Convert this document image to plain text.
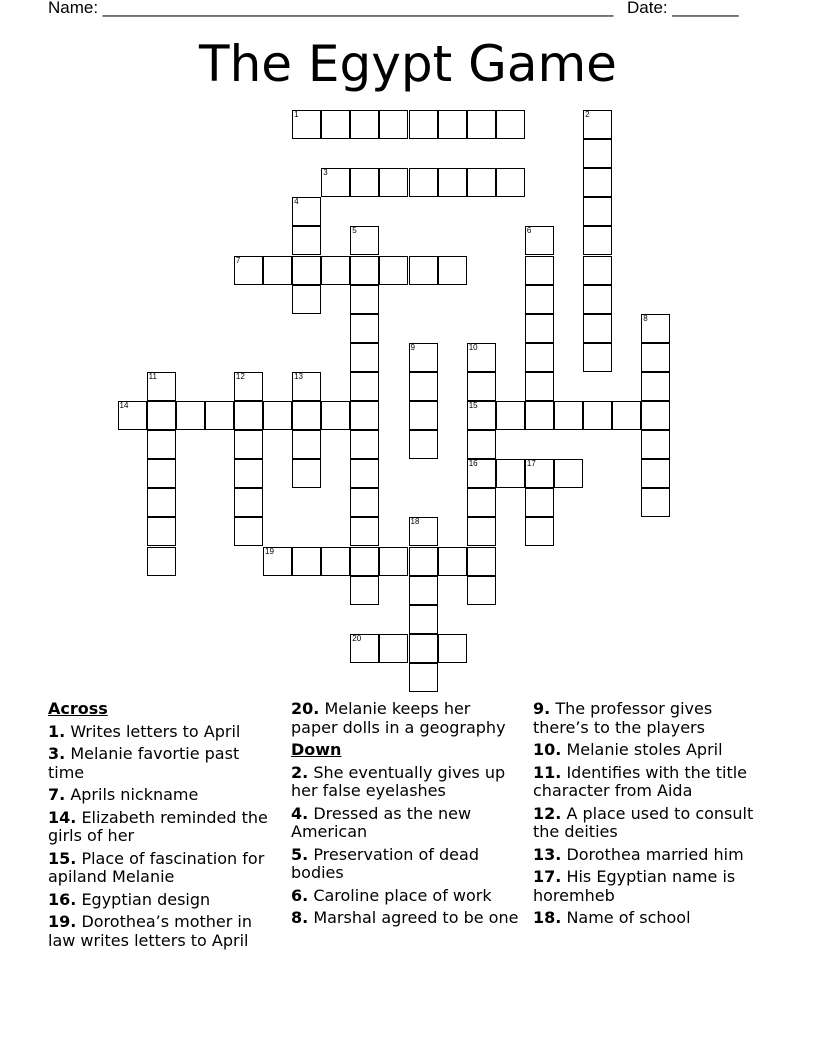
Name: ______________________________________________________ Date: _______
The Egypt Game
1	2
3
4
5	6
7
8
9	10
15
16
11	12	13
14
17
18
19
20
Across
1. Writes letters to April
3. Melanie favortie past time
7. Aprils nickname
14. Elizabeth reminded the girls of her
15. Place of fascination for apiland Melanie
16. Egyptian design
19. Dorothea’s mother in law writes letters to April
20. Melanie keeps her paper dolls in a geography
Down
2. She eventually gives up her false eyelashes
4. Dressed as the new American
5. Preservation of dead bodies
6. Caroline place of work
8. Marshal agreed to be one
9. The professor gives there’s to the players
10. Melanie stoles April
11. Identifies with the title character from Aida
12. A place used to consult the deities
13. Dorothea married him
17. His Egyptian name is horemheb
18. Name of school
